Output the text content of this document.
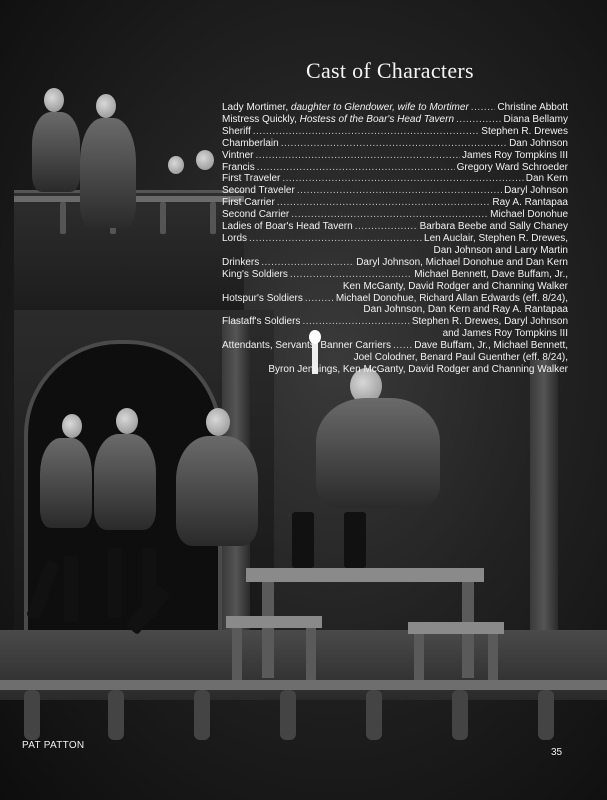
Cast of Characters
Lady Mortimer, daughter to Glendower, wife to Mortimer .....	Christine Abbott
Mistress Quickly, Hostess of the Boar's Head Tavern .....	Diana Bellamy
Sheriff .....	Stephen R. Drewes
Chamberlain .....	Dan Johnson
Vintner .....	James Roy Tompkins III
Francis .....	Gregory Ward Schroeder
First Traveler .....	Dan Kern
Second Traveler .....	Daryl Johnson
First Carrier .....	Ray A. Rantapaa
Second Carrier .....	Michael Donohue
Ladies of Boar's Head Tavern .....	Barbara Beebe and Sally Chaney
Lords .....	Len Auclair, Stephen R. Drewes,
Dan Johnson and Larry Martin
Drinkers .....	Daryl Johnson, Michael Donohue and Dan Kern
King's Soldiers .....	Michael Bennett, Dave Buffam, Jr.,
Ken McGanty, David Rodger and Channing Walker
Hotspur's Soldiers .....	Michael Donohue, Richard Allan Edwards (eff. 8/24),
Dan Johnson, Dan Kern and Ray A. Rantapaa
Flastaff's Soldiers .....	Stephen R. Drewes, Daryl Johnson
and James Roy Tompkins III
Attendants, Servants, Banner Carriers ..... Dave Buffam, Jr., Michael Bennett,
Joel Colodner, Benard Paul Guenther (eff. 8/24),
Byron Jennings, Ken McGanty, David Rodger and Channing Walker
PAT PATTON
35
